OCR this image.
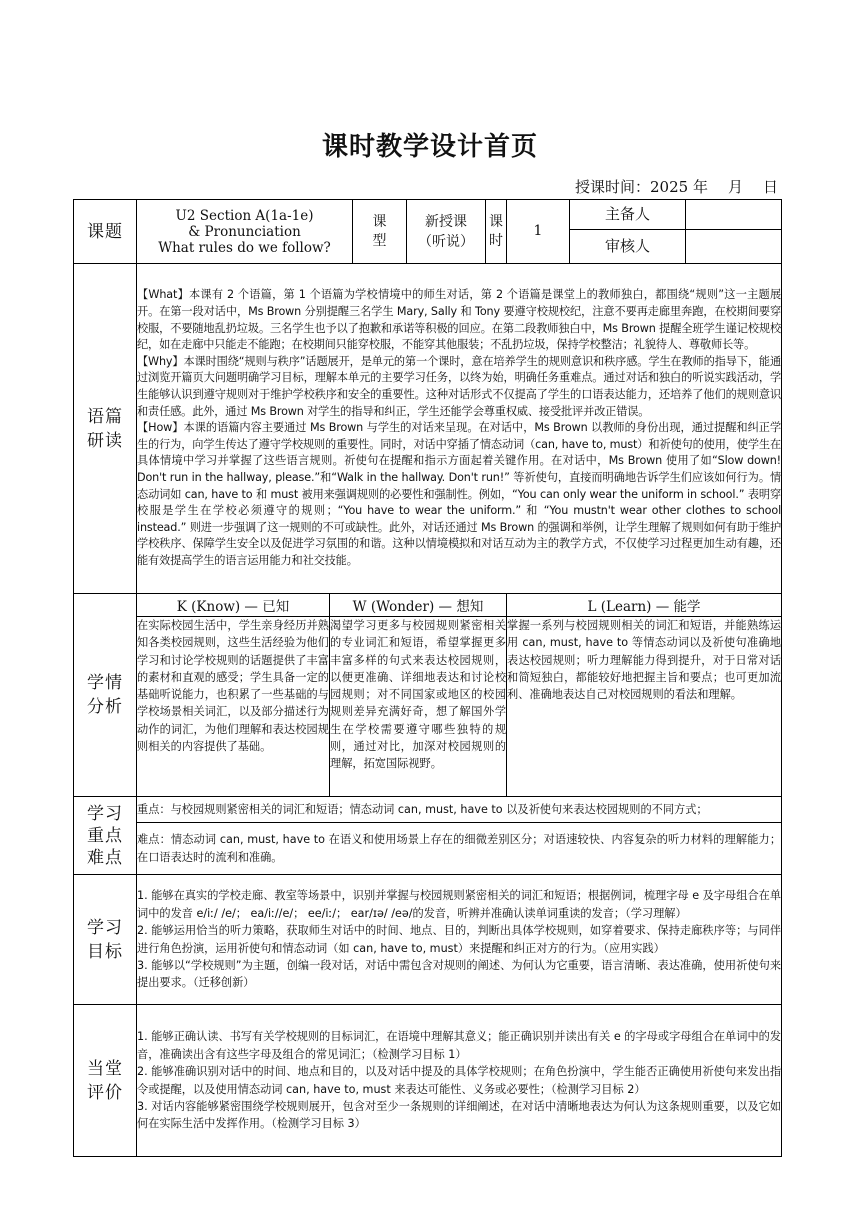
课时教学设计首页
授课时间：2025 年 月 日
课题	U2 Section A(1a-1e)
& Pronunciation
What rules do we follow?		课型	新授课（听说）	课时	1	主备人	
							审核人	

语篇研读	【What】本课有 2 个语篇，第 1 个语篇为学校情境中的师生对话，第 2 个语篇是课堂上的教师独白，都围绕“规则”这一主题展开。在第一段对话中，Ms Brown 分别提醒三名学生 Mary, Sally 和 Tony 要遵守校规校纪，注意不要再走廊里奔跑，在校期间要穿校服，不要随地乱扔垃圾。三名学生也予以了抱歉和承诺等积极的回应。在第二段教师独白中，Ms Brown 提醒全班学生谨记校规校纪，如在走廊中只能走不能跑；在校期间只能穿校服，不能穿其他服装；不乱扔垃圾，保持学校整洁；礼貌待人、尊敬师长等。

【Why】本课时围绕“规则与秩序”话题展开，是单元的第一个课时，意在培养学生的规则意识和秩序感。学生在教师的指导下，能通过浏览开篇页大问题明确学习目标，理解本单元的主要学习任务，以终为始，明确任务重难点。通过对话和独白的听说实践活动，学生能够认识到遵守规则对于维护学校秩序和安全的重要性。这种对话形式不仅提高了学生的口语表达能力，还培养了他们的规则意识和责任感。此外，通过 Ms Brown 对学生的指导和纠正，学生还能学会尊重权威、接受批评并改正错误。

【How】本课的语篇内容主要通过 Ms Brown 与学生的对话来呈现。在对话中，Ms Brown 以教师的身份出现，通过提醒和纠正学生的行为，向学生传达了遵守学校规则的重要性。同时，对话中穿插了情态动词（can, have to, must）和祈使句的使用，使学生在具体情境中学习并掌握了这些语言规则。祈使句在提醒和指示方面起着关键作用。在对话中，Ms Brown 使用了如“Slow down! Don't run in the hallway, please.”和“Walk in the hallway. Don't run!” 等祈使句，直接而明确地告诉学生们应该如何行为。情态动词如 can, have to 和 must 被用来强调规则的必要性和强制性。例如，“You can only wear the uniform in school.” 表明穿校服是学生在学校必须遵守的规则；“You have to wear the uniform.” 和 “You mustn't wear other clothes to school instead.” 则进一步强调了这一规则的不可或缺性。此外，对话还通过 Ms Brown 的强调和举例，让学生理解了规则如何有助于维护学校秩序、保障学生安全以及促进学习氛围的和谐。这种以情境模拟和对话互动为主的教学方式，不仅使学习过程更加生动有趣，还能有效提高学生的语言运用能力和社交技能。							

学情分析	K (Know) — 已知	W (Wonder) — 想知				L (Learn) — 能学		
	在实际校园生活中，学生亲身经历并熟知各类校园规则，这些生活经验为他们学习和讨论学校规则的话题提供了丰富的素材和直观的感受；学生具备一定的基础听说能力，也积累了一些基础的与学校场景相关词汇，以及部分描述行为动作的词汇，为他们理解和表达校园规则相关的内容提供了基础。	渴望学习更多与校园规则紧密相关的专业词汇和短语，希望掌握更多丰富多样的句式来表达校园规则，以便更准确、详细地表达和讨论校园规则；对不同国家或地区的校园规则差异充满好奇，想了解国外学生在学校需要遵守哪些独特的规则，通过对比，加深对校园规则的理解，拓宽国际视野。				掌握一系列与校园规则相关的词汇和短语，并能熟练运用 can, must, have to 等情态动词以及祈使句准确地表达校园规则；听力理解能力得到提升，对于日常对话和简短独白，都能较好地把握主旨和要点；也可更加流利、准确地表达自己对校园规则的看法和理解。		

学习重点难点	重点：与校园规则紧密相关的词汇和短语；情态动词 can, must, have to 以及祈使句来表达校园规则的不同方式；							
	难点：情态动词 can, must, have to 在语义和使用场景上存在的细微差别区分；对语速较快、内容复杂的听力材料的理解能力；在口语表达时的流利和准确。							

学习目标	1. 能够在真实的学校走廊、教室等场景中，识别并掌握与校园规则紧密相关的词汇和短语；根据例词，梳理字母 e 及字母组合在单词中的发音 e/iː/ /e/； ea/iː//e/； ee/iː/； ear/ɪə/ /eə/的发音，听辨并准确认读单词重读的发音；（学习理解）

2. 能够运用恰当的听力策略，获取师生对话中的时间、地点、目的，判断出具体学校规则，如穿着要求、保持走廊秩序等；与同伴进行角色扮演，运用祈使句和情态动词（如 can, have to, must）来提醒和纠正对方的行为。（应用实践）

3. 能够以“学校规则”为主题，创编一段对话，对话中需包含对规则的阐述、为何认为它重要，语言清晰、表达准确，使用祈使句来提出要求。（迁移创新）							

当堂评价	1. 能够正确认读、书写有关学校规则的目标词汇，在语境中理解其意义；能正确识别并读出有关 e 的字母或字母组合在单词中的发音，准确读出含有这些字母及组合的常见词汇；（检测学习目标 1）

2. 能够准确识别对话中的时间、地点和目的，以及对话中提及的具体学校规则；在角色扮演中，学生能否正确使用祈使句来发出指令或提醒，以及使用情态动词 can, have to, must 来表达可能性、义务或必要性；（检测学习目标 2）

3. 对话内容能够紧密围绕学校规则展开，包含对至少一条规则的详细阐述，在对话中清晰地表达为何认为这条规则重要，以及它如何在实际生活中发挥作用。（检测学习目标 3）							
